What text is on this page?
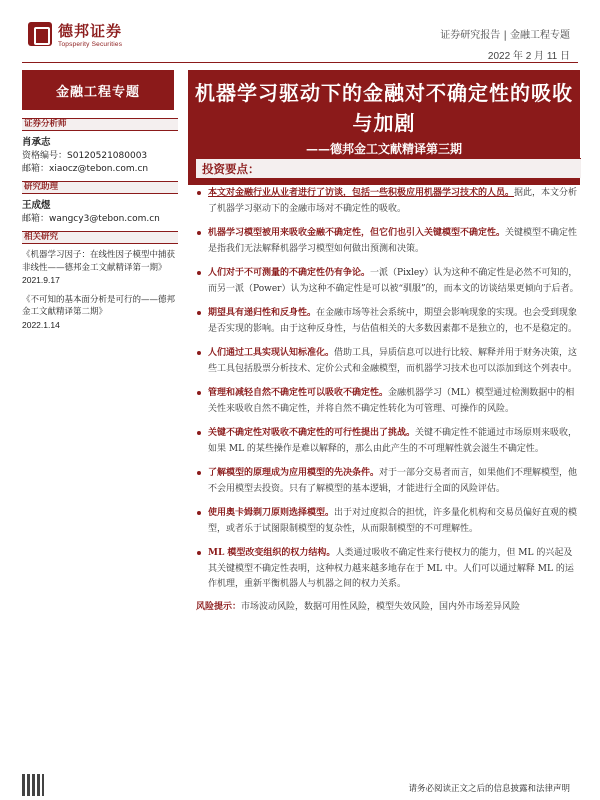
德邦证券
Topsperity Securities
证券研究报告 | 金融工程专题
2022 年 2 月 11 日
金融工程专题	机器学习驱动下的金融对不确定性的吸收与加剧
——德邦金工文献精译第三期
证券分析师
肖承志
资格编号：S0120521080003
邮箱：xiaocz@tebon.com.cn
研究助理
王成煜
邮箱：wangcy3@tebon.com.cn
相关研究
《机器学习因子：在线性因子模型中捕获非线性——德邦金工文献精译第一期》 2021.9.17
《不可知的基本面分析是可行的——德邦金工文献精译第二期》
2022.1.14
投资要点：
本文对金融行业从业者进行了访谈，包括一些积极应用机器学习技术的人员。据此，本文分析了机器学习驱动下的金融市场对不确定性的吸收。
机器学习模型被用来吸收金融不确定性，但它们也引入关键模型不确定性。关键模型不确定性是指我们无法解释机器学习模型如何做出预测和决策。
人们对于不可测量的不确定性仍有争论。一派（Pixley）认为这种不确定性是必然不可知的，而另一派（Power）认为这种不确定性是可以被“驯服”的，而本文的访谈结果更倾向于后者。
期望具有递归性和反身性。在金融市场等社会系统中，期望会影响现象的实现。也会受到现象是否实现的影响。由于这种反身性，与估值相关的大多数因素都不是独立的，也不是稳定的。
人们通过工具实现认知标准化。借助工具，异质信息可以进行比较、解释并用于财务决策，这些工具包括股票分析技术、定价公式和金融模型，而机器学习技术也可以添加到这个列表中。
管理和减轻自然不确定性可以吸收不确定性。金融机器学习（ML）模型通过检测数据中的相关性来吸收自然不确定性，并将自然不确定性转化为可管理、可操作的风险。
关键不确定性对吸收不确定性的可行性提出了挑战。关键不确定性不能通过市场原则来吸收，如果 ML 的某些操作是难以解释的，那么由此产生的不可理解性就会滋生不确定性。
了解模型的原理成为应用模型的先决条件。对于一部分交易者而言，如果他们不理解模型，他不会用模型去投资。只有了解模型的基本逻辑，才能进行全面的风险评估。
使用奥卡姆剃刀原则选择模型。出于对过度拟合的担忧，许多量化机构和交易员偏好直观的模型，或者乐于试图限制模型的复杂性，从而限制模型的不可理解性。
ML 模型改变组织的权力结构。人类通过吸收不确定性来行使权力的能力，但 ML 的兴起及其关键模型不确定性表明，这种权力越来越多地存在于 ML 中。人们可以通过解释 ML 的运作机理，重新平衡机器人与机器之间的权力关系。
风险提示：市场波动风险，数据可用性风险，模型失效风险，国内外市场差异风险
请务必阅读正文之后的信息披露和法律声明
